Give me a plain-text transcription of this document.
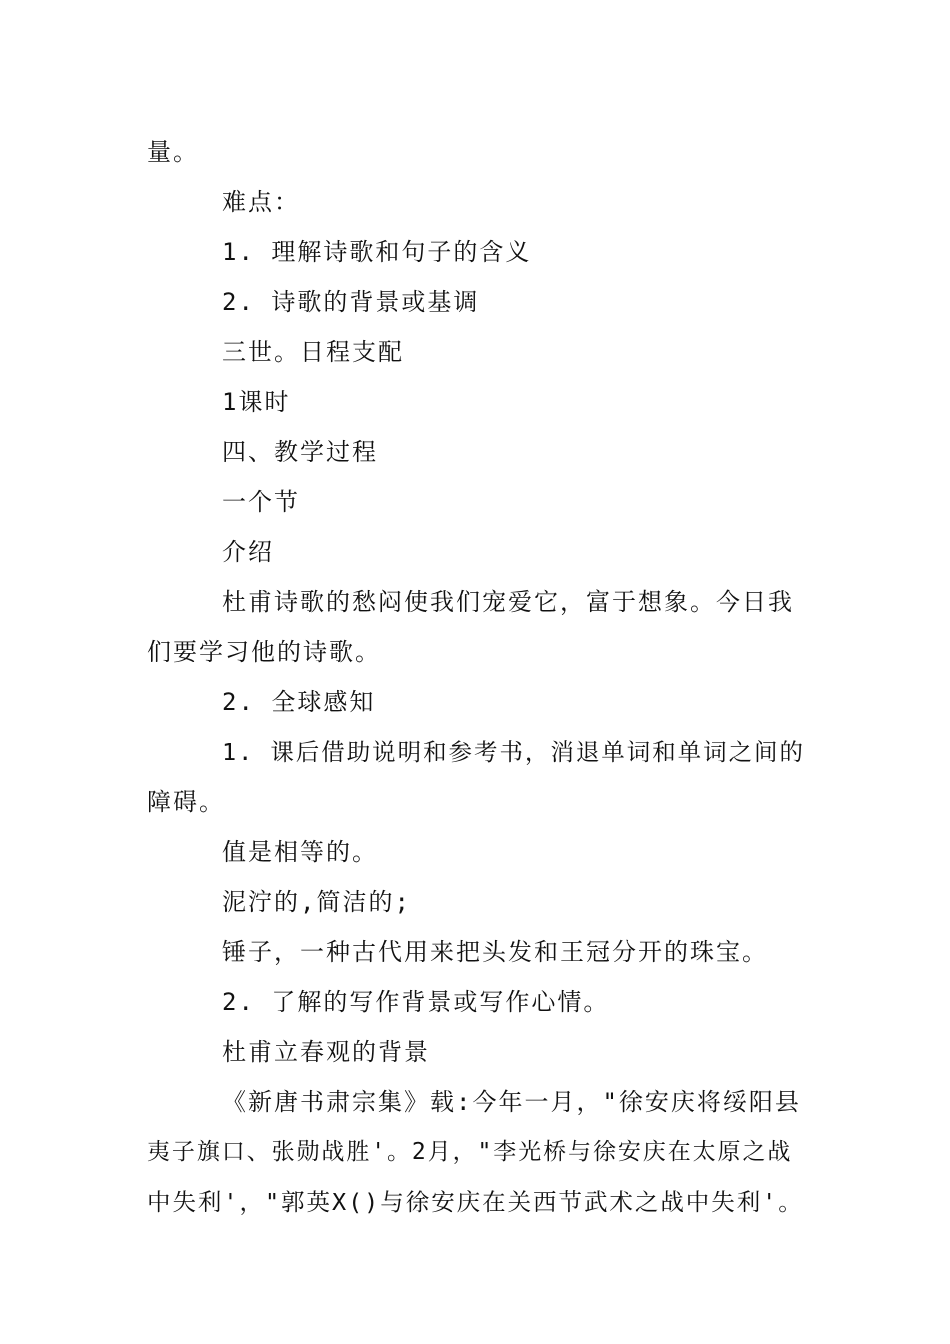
量。
难点：
1. 理解诗歌和句子的含义
2. 诗歌的背景或基调
三世。日程支配
1课时
四、教学过程
一个节
介绍
杜甫诗歌的愁闷使我们宠爱它，富于想象。今日我
们要学习他的诗歌。
2. 全球感知
1. 课后借助说明和参考书，消退单词和单词之间的
障碍。
值是相等的。
泥泞的,简洁的;
锤子，一种古代用来把头发和王冠分开的珠宝。
2. 了解的写作背景或写作心情。
杜甫立春观的背景
《新唐书肃宗集》载:今年一月，"徐安庆将绥阳县
夷子旗口、张勋战胜'。2月，"李光桥与徐安庆在太原之战
中失利'，"郭英X()与徐安庆在关西节武术之战中失利'。
